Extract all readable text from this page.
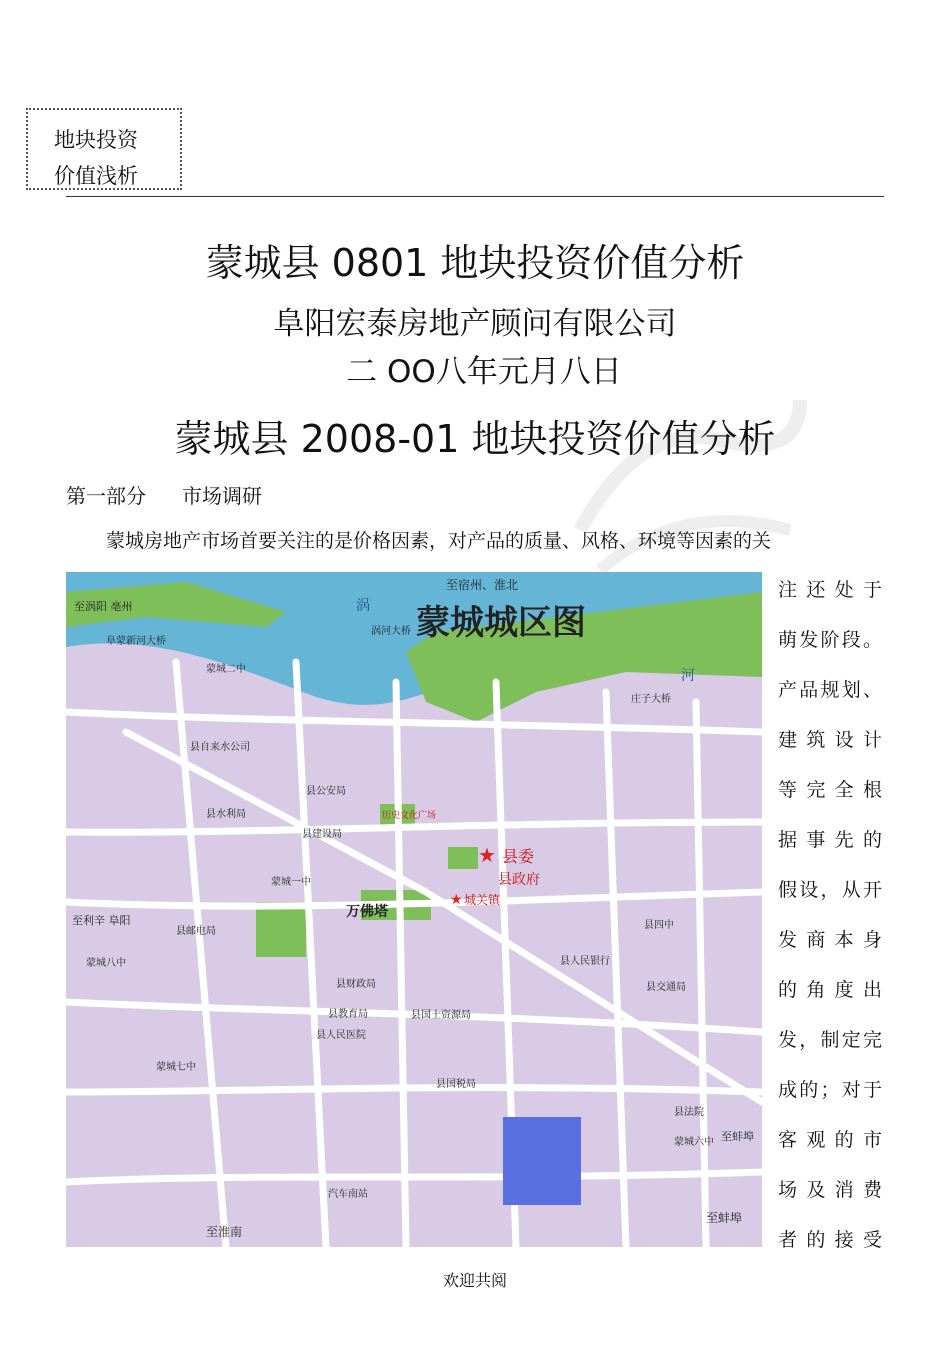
地块投资
价值浅析
蒙城县 0801 地块投资价值分析
阜阳宏泰房地产顾问有限公司
二 OO八年元月八日
蒙城县 2008-01 地块投资价值分析
第一部分 市场调研
蒙城房地产市场首要关注的是价格因素，对产品的质量、风格、环境等因素的关
注还处于
萌发阶段。
产品规划、
建筑设计
等完全根
据事先的
假设，从开
发商本身
的角度出
发，制定完
成的；对于
客观的市
场及消费
者的接受
★
★
蒙城城区图
至宿州、淮北
至涡阳 亳州
阜蒙新河大桥
涡河大桥
庄子大桥
涡
河
县委
县政府
万佛塔
城关镇
至淮南
至蚌埠
至蚌埠
至利辛 阜阳
汽车南站
蒙城二中
蒙城一中
蒙城六中
蒙城七中
蒙城八中
县四中
县人民医院
县邮电局
县水利局
县自来水公司
县财政局
县公安局
县交通局
县人民银行
县国税局
县法院
县教育局	县国土资源局
县建设局
历史文化广场
欢迎共阅
